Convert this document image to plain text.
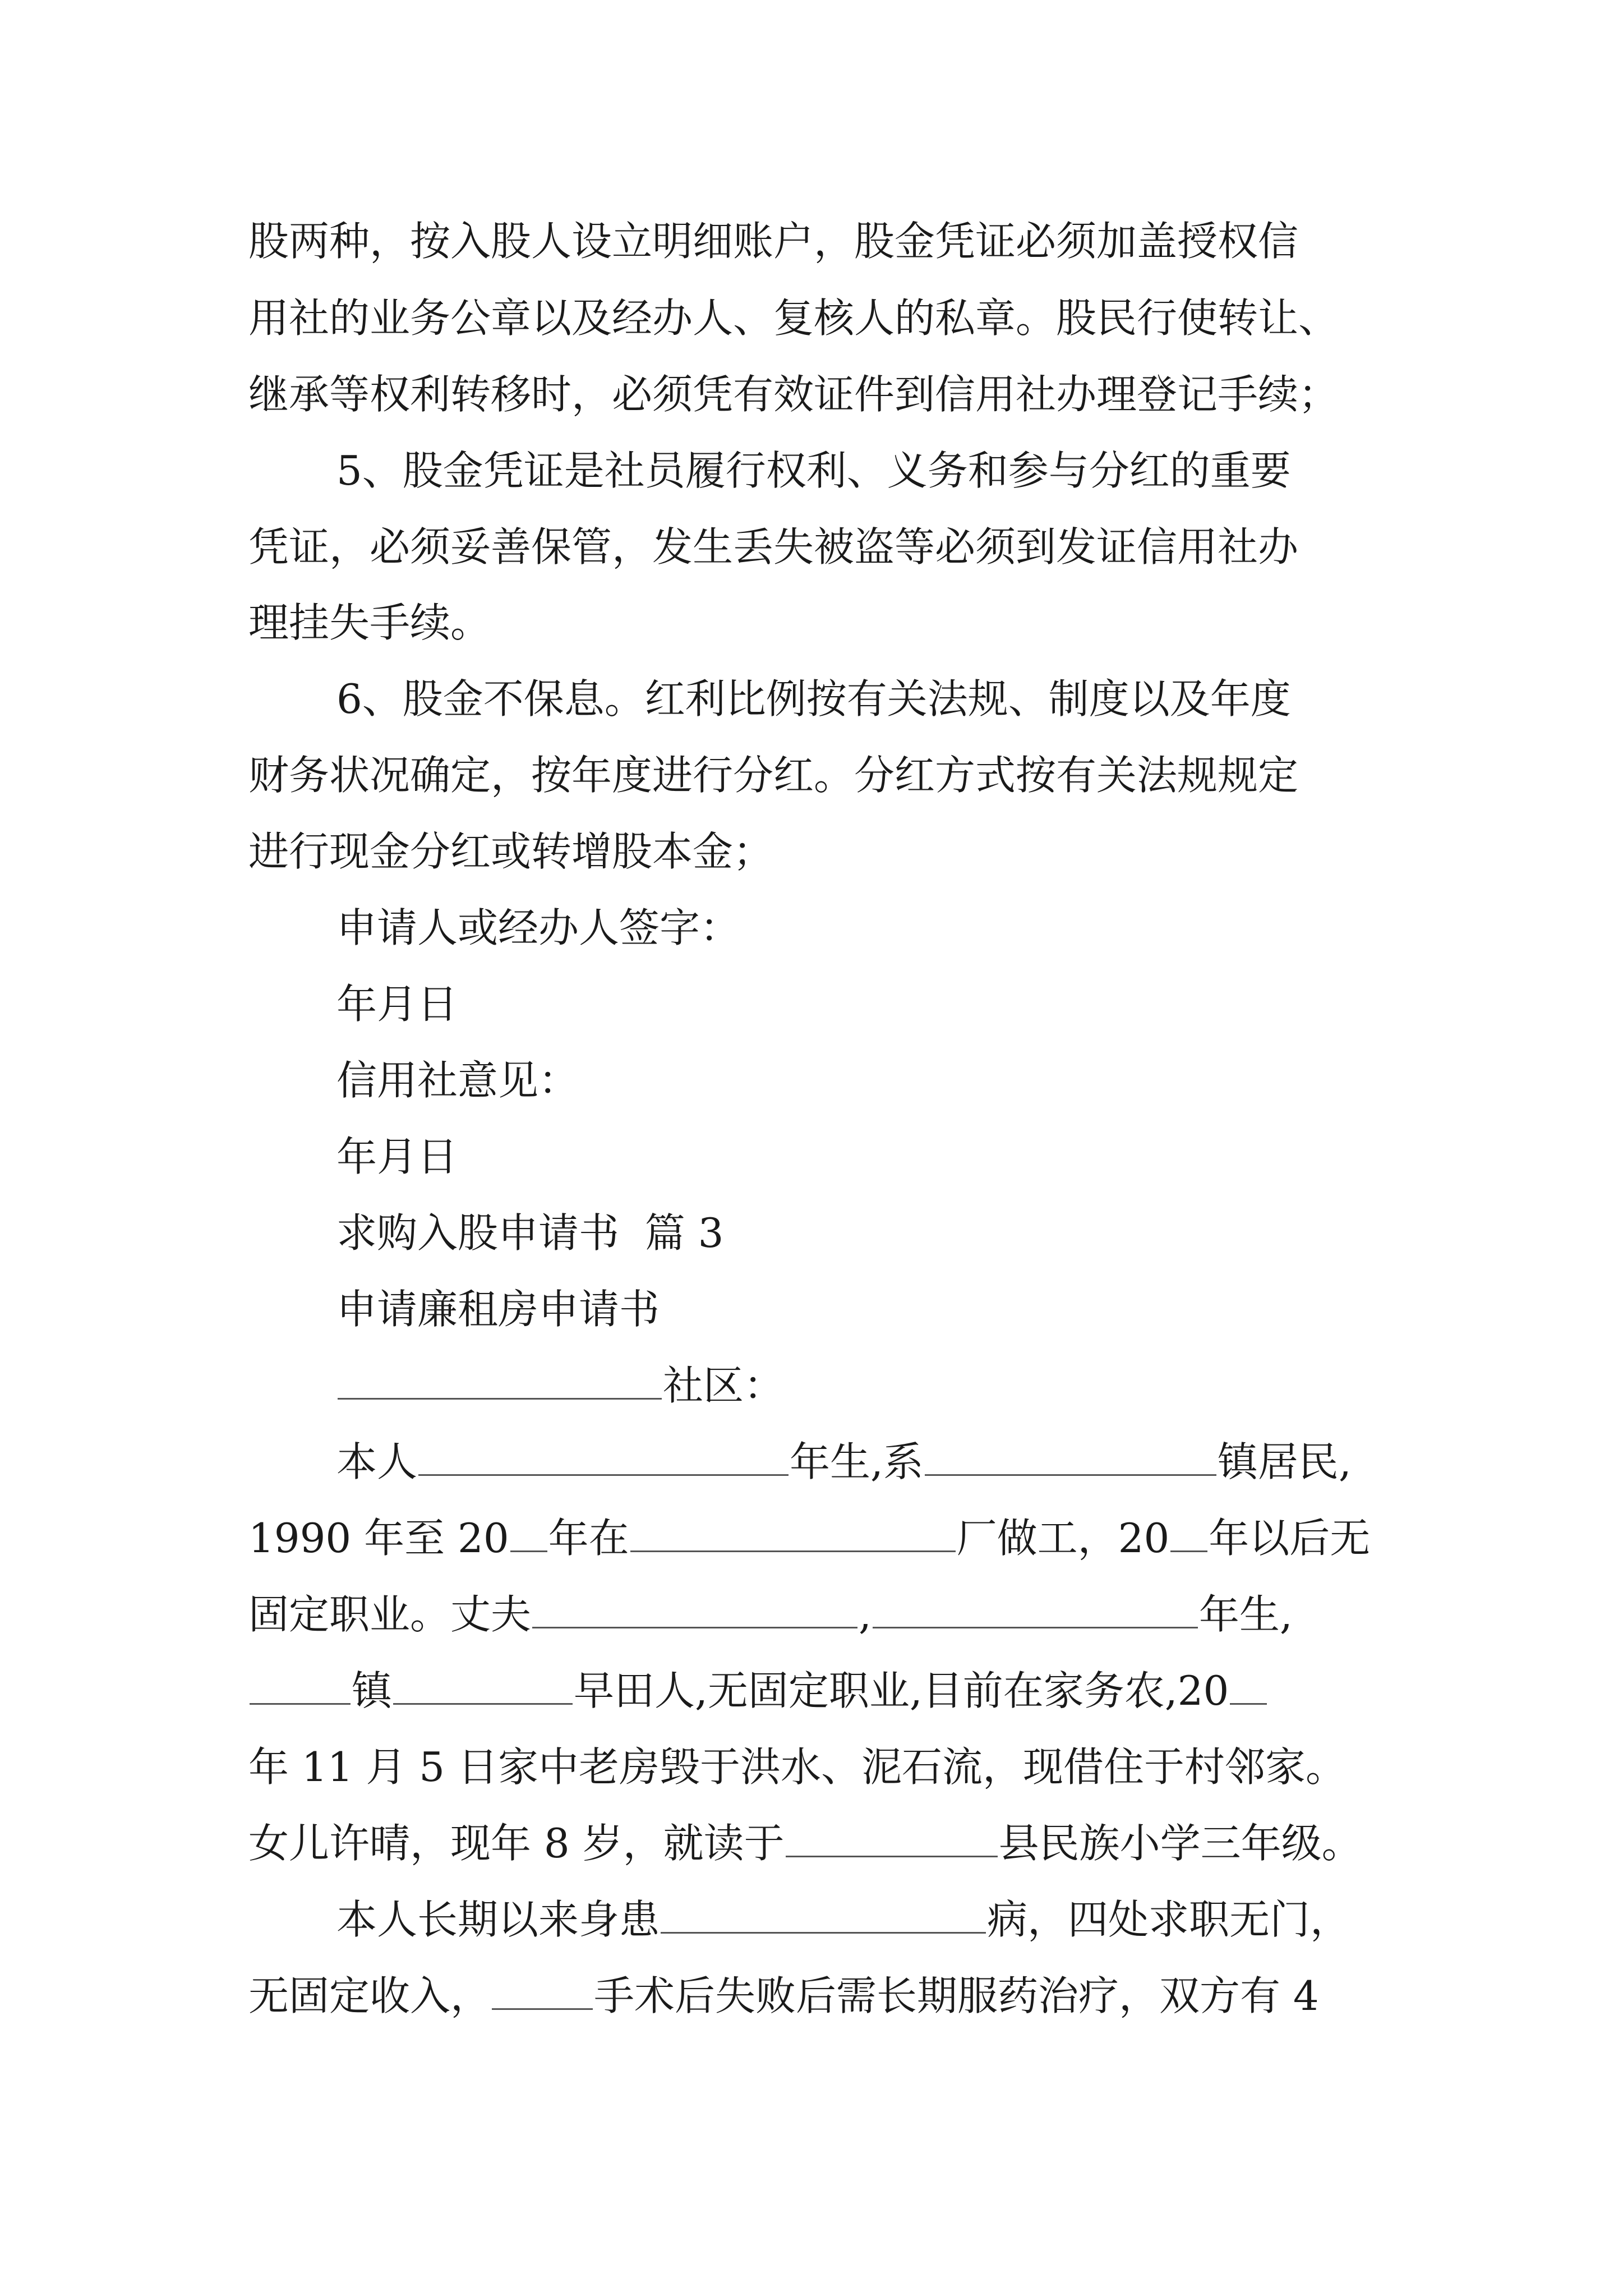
股两种，按入股人设立明细账户，股金凭证必须加盖授权信
用社的业务公章以及经办人、复核人的私章。股民行使转让、
继承等权利转移时，必须凭有效证件到信用社办理登记手续；
5、股金凭证是社员履行权利、义务和参与分红的重要
凭证，必须妥善保管，发生丢失被盗等必须到发证信用社办
理挂失手续。
6、股金不保息。红利比例按有关法规、制度以及年度
财务状况确定，按年度进行分红。分红方式按有关法规规定
进行现金分红或转增股本金；
申请人或经办人签字：
年月日
信用社意见：
年月日
求购入股申请书  篇 3
申请廉租房申请书
社区：
本人	年生,系	镇居民,
1990 年至 20 年在	厂做工，20 年以后无
固定职业。丈夫	,	年生,
镇	早田人,无固定职业,目前在家务农,20
年 11 月 5 日家中老房毁于洪水、泥石流，现借住于村邻家。
女儿许晴，现年 8 岁，就读于	县民族小学三年级。
本人长期以来身患	病，四处求职无门，
无固定收入，	手术后失败后需长期服药治疗，双方有 4
